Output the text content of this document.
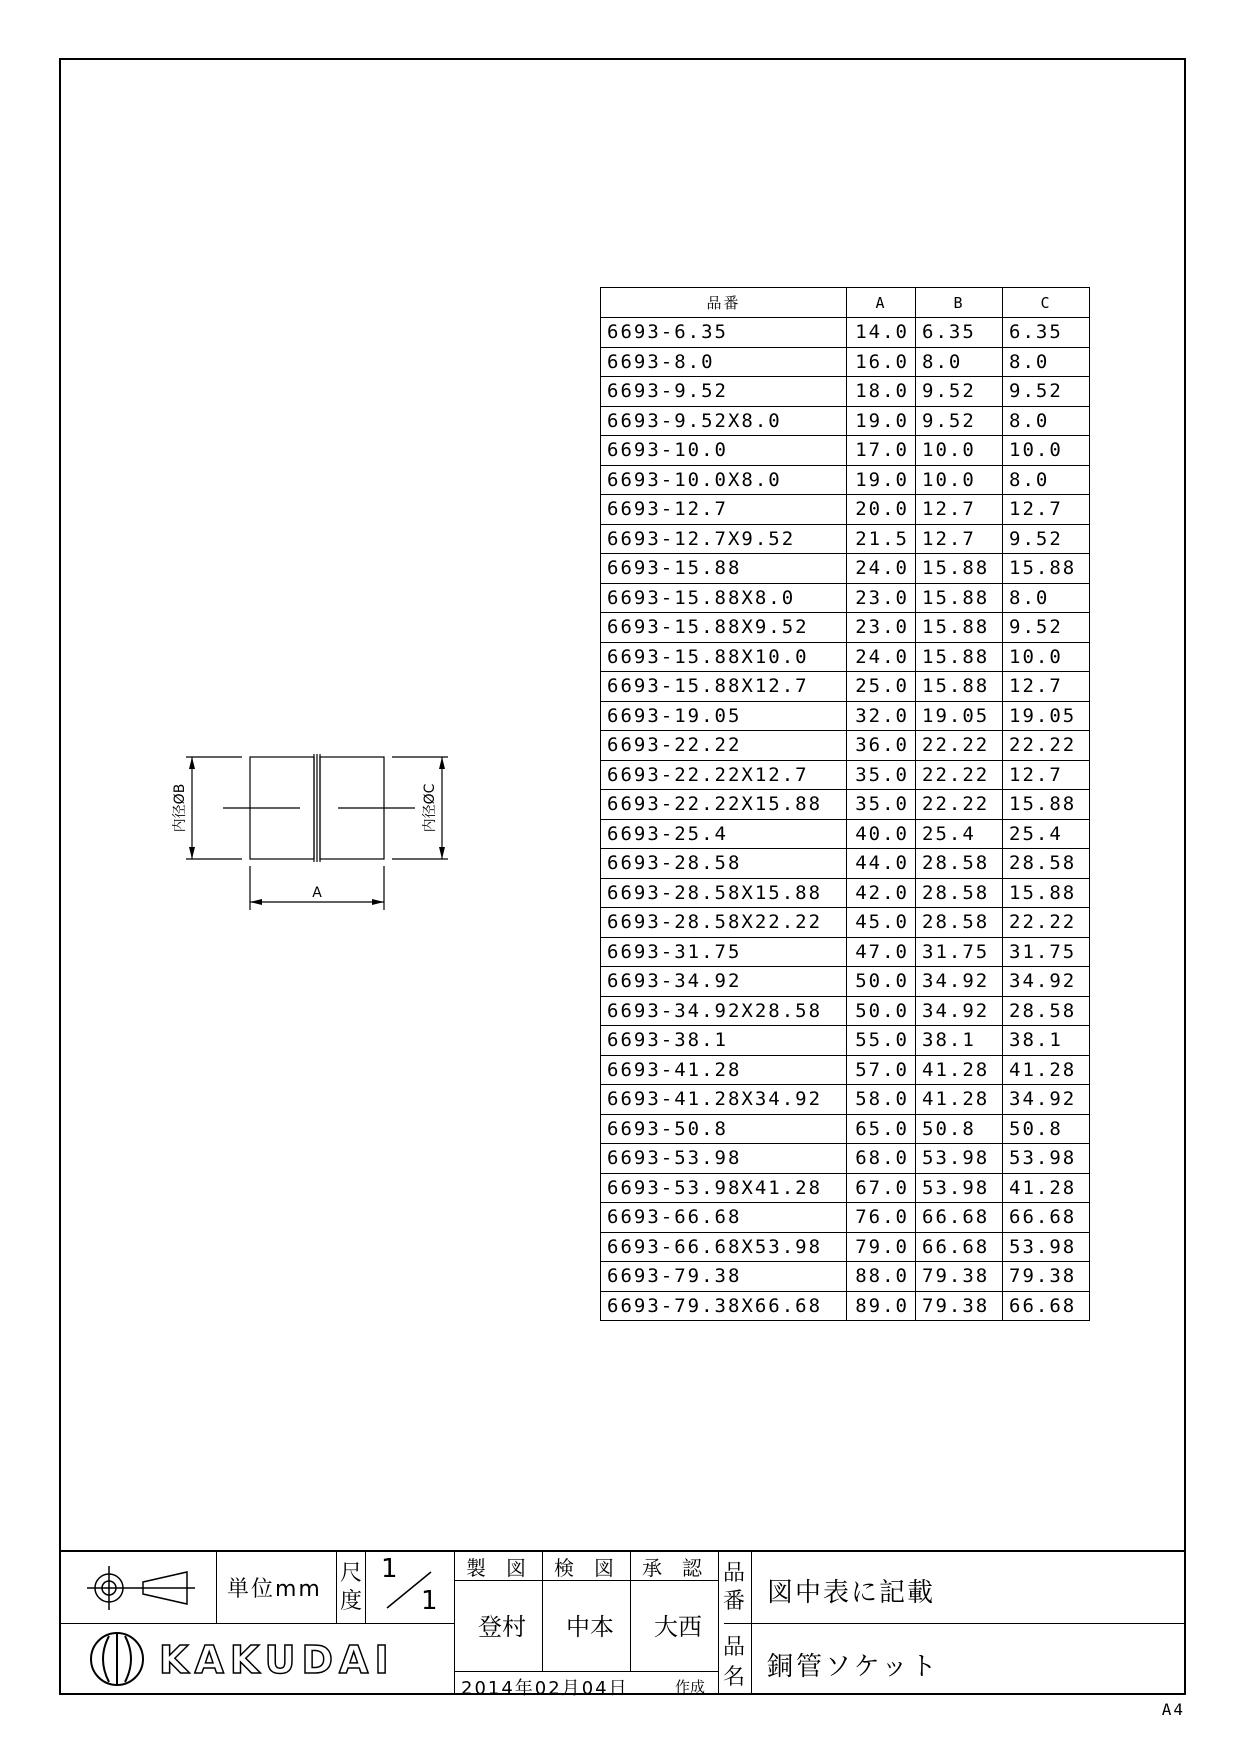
A4
品番	A	B	C
6693-6.35	14.0	6.35	6.35
6693-8.0	16.0	8.0	8.0
6693-9.52	18.0	9.52	9.52
6693-9.52X8.0	19.0	9.52	8.0
6693-10.0	17.0	10.0	10.0
6693-10.0X8.0	19.0	10.0	8.0
6693-12.7	20.0	12.7	12.7
6693-12.7X9.52	21.5	12.7	9.52
6693-15.88	24.0	15.88	15.88
6693-15.88X8.0	23.0	15.88	8.0
6693-15.88X9.52	23.0	15.88	9.52
6693-15.88X10.0	24.0	15.88	10.0
6693-15.88X12.7	25.0	15.88	12.7
6693-19.05	32.0	19.05	19.05
6693-22.22	36.0	22.22	22.22
6693-22.22X12.7	35.0	22.22	12.7
6693-22.22X15.88	35.0	22.22	15.88
6693-25.4	40.0	25.4	25.4
6693-28.58	44.0	28.58	28.58
6693-28.58X15.88	42.0	28.58	15.88
6693-28.58X22.22	45.0	28.58	22.22
6693-31.75	47.0	31.75	31.75
6693-34.92	50.0	34.92	34.92
6693-34.92X28.58	50.0	34.92	28.58
6693-38.1	55.0	38.1	38.1
6693-41.28	57.0	41.28	41.28
6693-41.28X34.92	58.0	41.28	34.92
6693-50.8	65.0	50.8	50.8
6693-53.98	68.0	53.98	53.98
6693-53.98X41.28	67.0	53.98	41.28
6693-66.68	76.0	66.68	66.68
6693-66.68X53.98	79.0	66.68	53.98
6693-79.38	88.0	79.38	79.38
6693-79.38X66.68	89.0	79.38	66.68
内径ØB	内径ØC
A
単位mm
尺
度
1
1
KAKUDAI
製　図 検　図 承　認
登村 中本 大西
2014年02月04日	作成
品
番 図中表に記載
品
名 銅管ソケット
